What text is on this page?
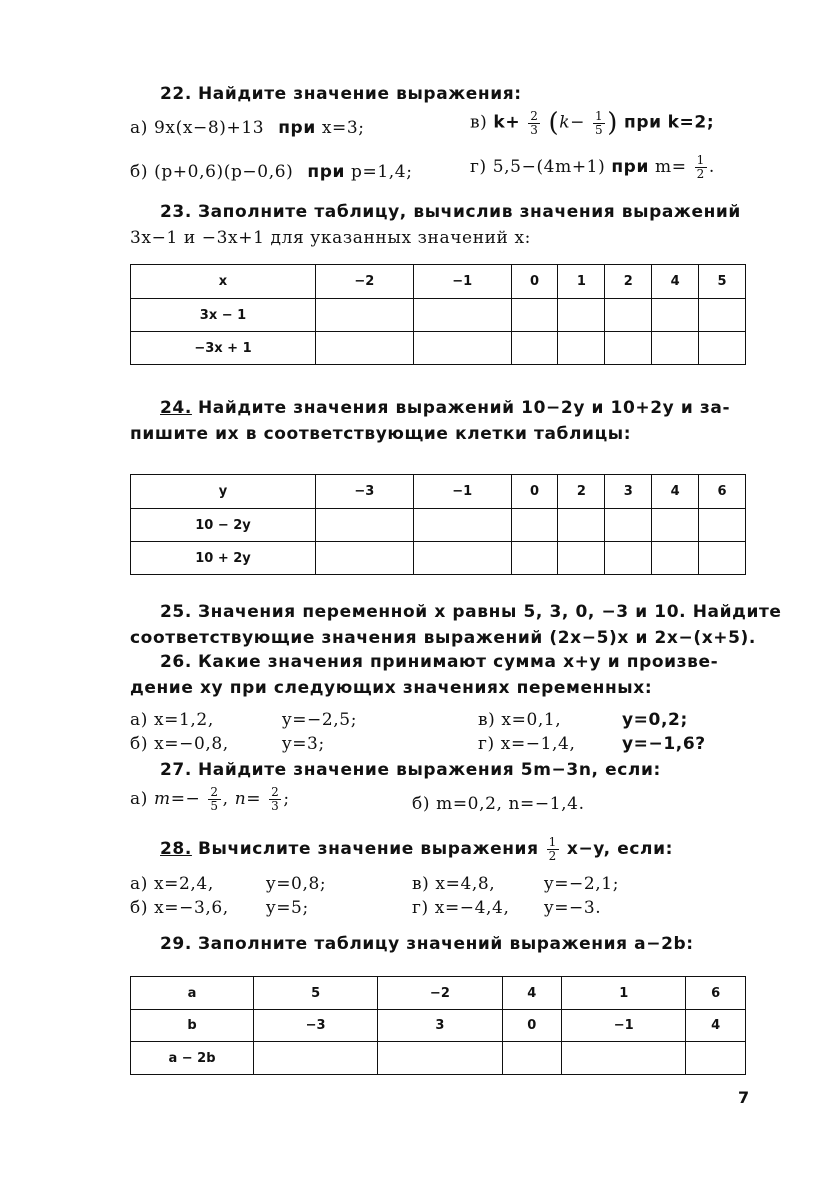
22. Найдите значение выражения:
а) 9x(x−8)+13 при x=3;	в) $k+ \frac{2}{3} (k- \frac{1}{5}$ ) при k=2;
б) (p+0,6)(p−0,6) при p=1,4;	г) 5,5−(4m+1) при $m= \frac{1}{2}$ .
23. Заполните таблицу, вычислив значения выражений
3x−1 и −3x+1 для указанных значений x:
x	−2	−1	0	1	2	4	5
3x − 1							
−3x + 1							
24. Найдите значения выражений 10−2y и 10+2y и за-
пишите их в соответствующие клетки таблицы:
y	−3	−1	0	2	3	4	6
10 − 2y							
10 + 2y							
25. Значения переменной x равны 5, 3, 0, −3 и 10. Найдите
соответствующие значения выражений (2x−5)x и 2x−(x+5).
26. Какие значения принимают сумма x+y и произве-
дение xy при следующих значениях переменных:
а) x=1,2,	y=−2,5;
б) x=−0,8,	y=3;
в) x=0,1,	y=0,2;
г) x=−1,4,	y=−1,6?
27. Найдите значение выражения 5m−3n, если:
а) $m=- \frac{2}{5}$ , $n= \frac{2}{3}$ ;	б) m=0,2, n=−1,4.
28. Вычислите значение выражения $\frac{1}{2} x-y$, если:
а) x=2,4,	y=0,8;
б) x=−3,6, y=5;
в) x=4,8,	y=−2,1;
г) x=−4,4, y=−3.
29. Заполните таблицу значений выражения a−2b:
a	5	−2	4	1	6
b	−3	3	0	−1	4
a − 2b					
7
